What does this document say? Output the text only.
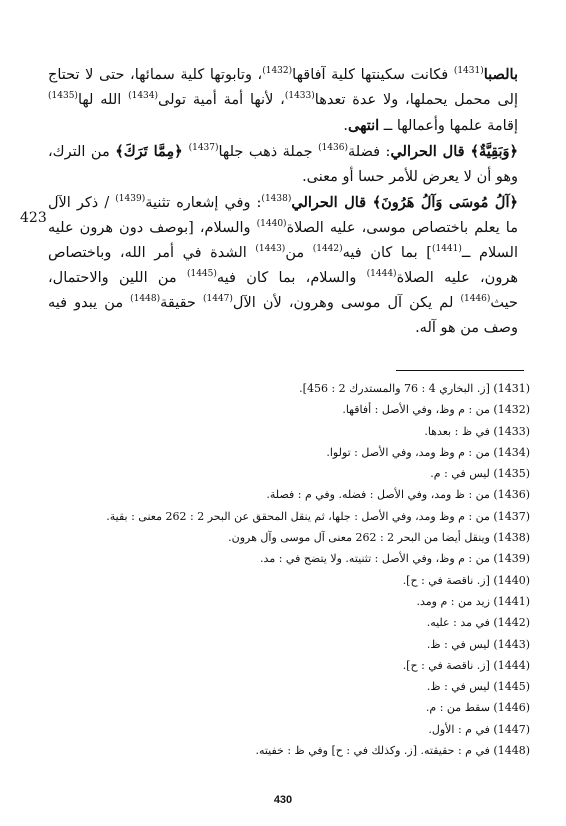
بالصبا$^{(1431)}$ فكانت سكينتها كلية آفاقها$^{(1432)}$، وتابوتها كلية سمائها، حتى لا تحتاج إلى محمل يحملها، ولا عدة تعدها$^{(1433)}$، لأنها أمة أمية تولى$^{(1434)}$ الله لها$^{(1435)}$ إقامة علمها وأعمالها ــ انتهى.

﴿وَبَقِيَّةٌ﴾ قال الحرالي: فضلة$^{(1436)}$ جملة ذهب جلها$^{(1437)}$ ﴿مِمَّا تَرَكَ﴾ من الترك، وهو أن لا يعرض للأمر حسا أو معنى.

﴿آلُ مُوسَى وَآلُ هَرُونَ﴾ قال الحرالي$^{(1438)}$: وفي إشعاره تثنية$^{(1439)}$ / ذكر الآل ما يعلم باختصاص موسى، عليه الصلاة$^{(1440)}$ والسلام، [بوصف دون هرون عليه السلام ــ$^{(1441)}$] بما كان فيه$^{(1442)}$ من$^{(1443)}$ الشدة في أمر الله، وباختصاص هرون، عليه الصلاة$^{(1444)}$ والسلام، بما كان فيه$^{(1445)}$ من اللين والاحتمال، حيث$^{(1446)}$ لم يكن آل موسى وهرون، لأن الآل$^{(1447)}$ حقيقة$^{(1448)}$ من يبدو فيه وصف من هو آله.

423

(1431) [ز. البخاري 4 : 76 والمستدرك 2 : 456].

(1432) من : م وظ، وفي الأصل : أفاقها.

(1433) في ظ : بعدها.

(1434) من : م وظ ومد، وفي الأصل : تولوا.

(1435) ليس في : م.

(1436) من : ظ ومد، وفي الأصل : فضله. وفي م : فصلة.

(1437) من : م وظ ومد، وفي الأصل : جلها، ثم ينقل المحقق عن البحر 2 : 262 معنى : بقية.

(1438) وينقل أيضا من البحر 2 : 262 معنى آل موسى وآل هرون.

(1439) من : م وظ، وفي الأصل : تثنيته. ولا يتضح في : مد.

(1440) [ز. ناقصة في : ح].

(1441) زيد من : م ومد.

(1442) في مد : عليه.

(1443) ليس في : ظ.

(1444) [ز. ناقصة في : ح].

(1445) ليس في : ظ.

(1446) سقط من : م.

(1447) في م : الأول.

(1448) في م : حقيقته. [ز. وكذلك في : ح] وفي ظ : خفيته.

430
